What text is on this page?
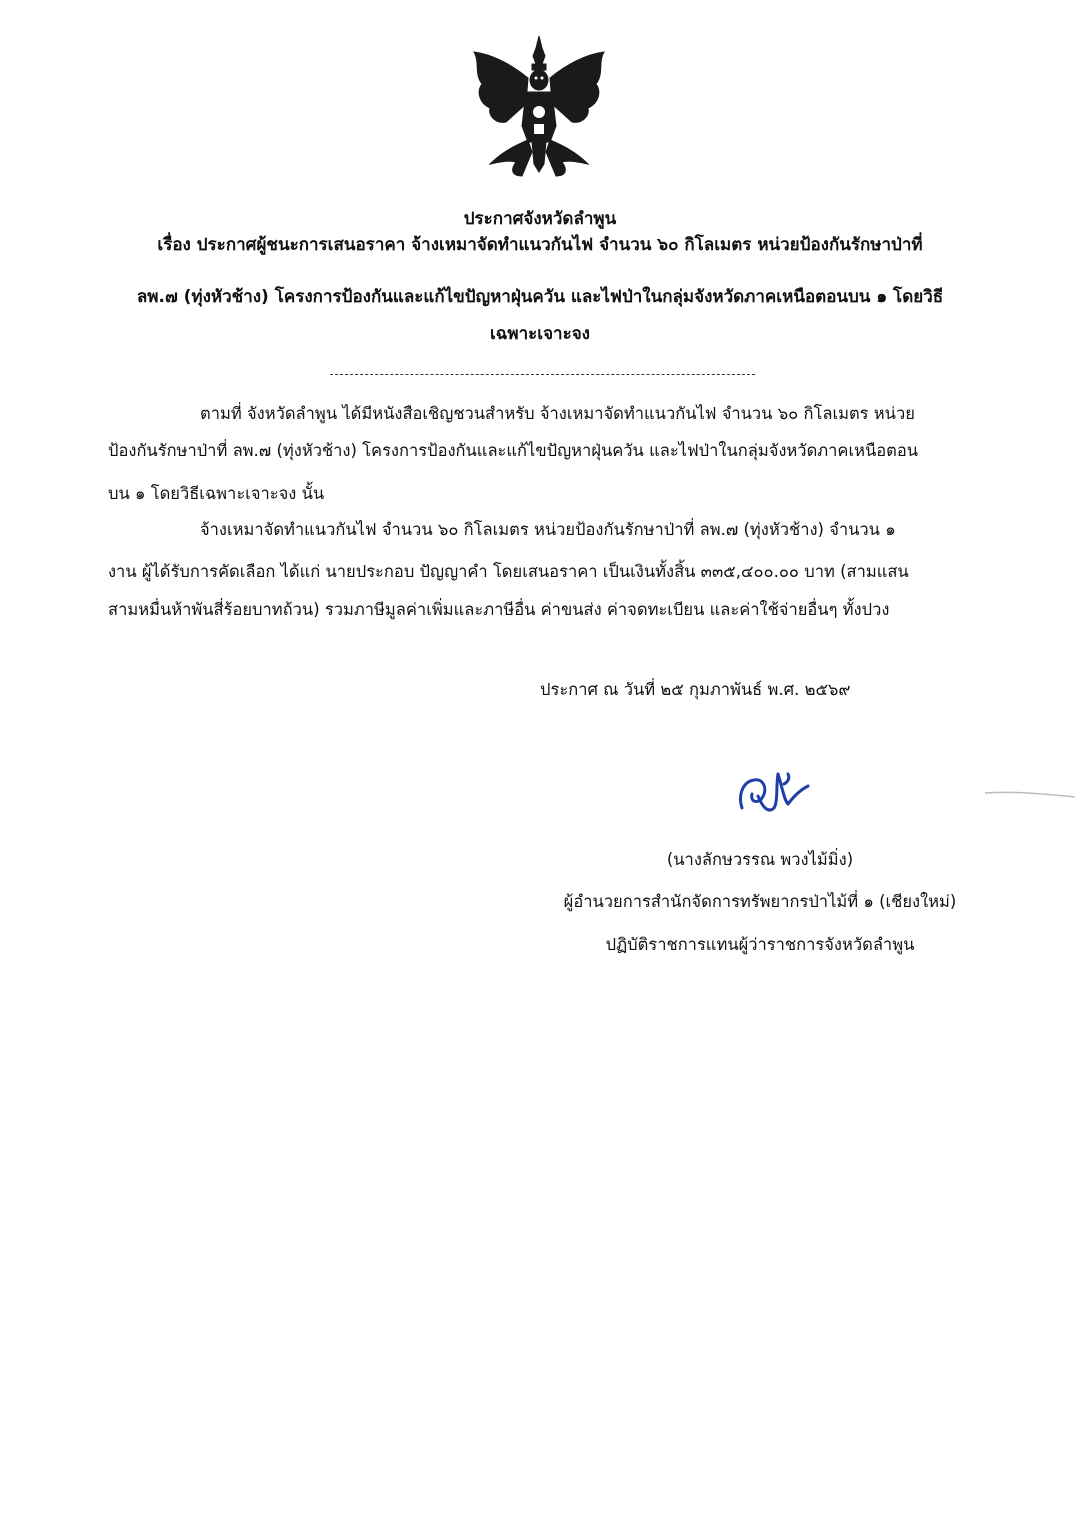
ประกาศจังหวัดลำพูน
เรื่อง ประกาศผู้ชนะการเสนอราคา จ้างเหมาจัดทำแนวกันไฟ จำนวน ๖๐ กิโลเมตร หน่วยป้องกันรักษาป่าที่
ลพ.๗ (ทุ่งหัวช้าง) โครงการป้องกันและแก้ไขปัญหาฝุ่นควัน และไฟป่าในกลุ่มจังหวัดภาคเหนือตอนบน ๑ โดยวิธี
เฉพาะเจาะจง
ตามที่ จังหวัดลำพูน ได้มีหนังสือเชิญชวนสำหรับ จ้างเหมาจัดทำแนวกันไฟ จำนวน ๖๐ กิโลเมตร หน่วย
ป้องกันรักษาป่าที่ ลพ.๗ (ทุ่งหัวช้าง) โครงการป้องกันและแก้ไขปัญหาฝุ่นควัน และไฟป่าในกลุ่มจังหวัดภาคเหนือตอน
บน ๑ โดยวิธีเฉพาะเจาะจง นั้น
จ้างเหมาจัดทำแนวกันไฟ จำนวน ๖๐ กิโลเมตร หน่วยป้องกันรักษาป่าที่ ลพ.๗ (ทุ่งหัวช้าง) จำนวน ๑
งาน ผู้ได้รับการคัดเลือก ได้แก่ นายประกอบ ปัญญาคำ โดยเสนอราคา เป็นเงินทั้งสิ้น ๓๓๕,๔๐๐.๐๐ บาท (สามแสน
สามหมื่นห้าพันสี่ร้อยบาทถ้วน) รวมภาษีมูลค่าเพิ่มและภาษีอื่น ค่าขนส่ง ค่าจดทะเบียน และค่าใช้จ่ายอื่นๆ ทั้งปวง
ประกาศ ณ วันที่ ๒๕ กุมภาพันธ์ พ.ศ. ๒๕๖๙
(นางลักษวรรณ พวงไม้มิ่ง)
ผู้อำนวยการสำนักจัดการทรัพยากรป่าไม้ที่ ๑ (เชียงใหม่)
ปฏิบัติราชการแทนผู้ว่าราชการจังหวัดลำพูน
